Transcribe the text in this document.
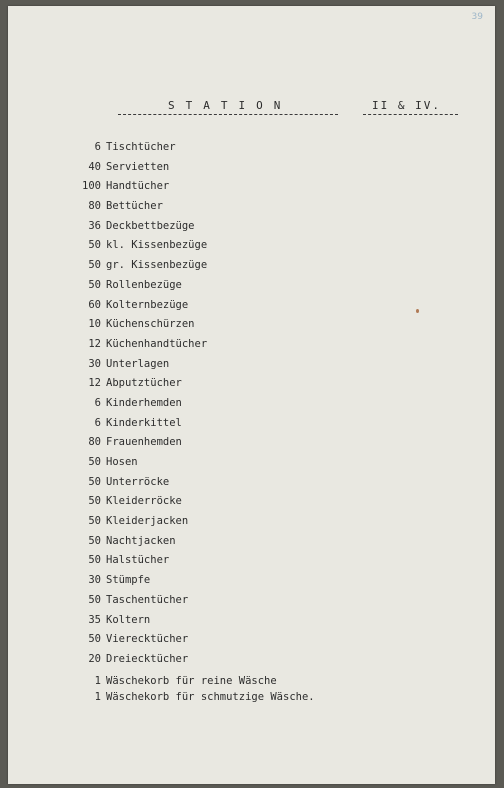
39
STATION	II & IV.
6 Tischtücher
40 Servietten
100 Handtücher
80 Bettücher
36 Deckbettbezüge
50 kl. Kissenbezüge
50 gr. Kissenbezüge
50 Rollenbezüge
60 Kolternbezüge
10 Küchenschürzen
12 Küchenhandtücher
30 Unterlagen
12 Abputztücher
6 Kinderhemden
6 Kinderkittel
80 Frauenhemden
50 Hosen
50 Unterröcke
50 Kleiderröcke
50 Kleiderjacken
50 Nachtjacken
50 Halstücher
30 Stümpfe
50 Taschentücher
35 Koltern
50 Vierecktücher
20 Dreiecktücher
1 Wäschekorb für reine Wäsche
1 Wäschekorb für schmutzige Wäsche.
